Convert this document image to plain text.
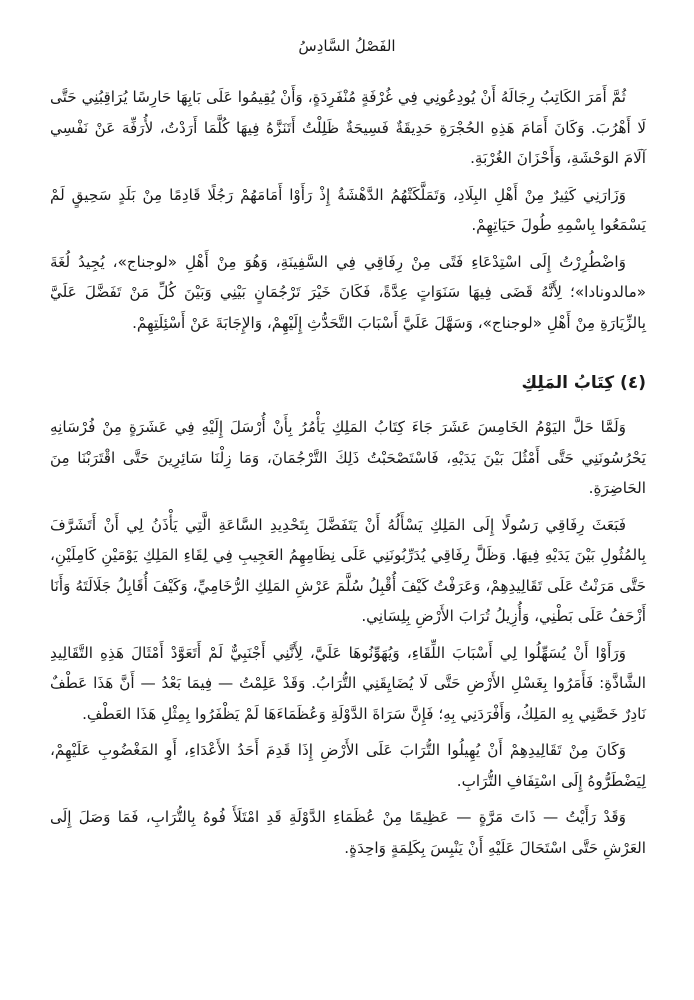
الفَصْلُ السَّادِسُ

ثُمَّ أَمَرَ الكَاتِبُ رِجَالَهُ أَنْ يُودِعُونِي فِي غُرْفَةٍ مُنْفَرِدَةٍ، وَأَنْ يُقِيمُوا عَلَى بَابِهَا حَارِسًا يُرَاقِبُنِي حَتَّى لَا أَهْرُبَ. وَكَانَ أَمَامَ هَذِهِ الحُجْرَةِ حَدِيقَةٌ فَسِيحَةٌ ظَلِلْتُ أَتَنَزَّهُ فِيهَا كُلَّمَا أَرَدْتُ، لأُرَفِّهَ عَنْ نَفْسِي آلَامَ الوَحْشَةِ، وَأَحْزَانَ الغُرْبَةِ.

وَزَارَنِي كَثِيرٌ مِنْ أَهْلِ البِلَادِ، وَتَمَلَّكَتْهُمُ الدَّهْشَةُ إِذْ رَأَوْا أَمَامَهُمْ رَجُلًا قَادِمًا مِنْ بَلَدٍ سَحِيقٍ لَمْ يَسْمَعُوا بِاسْمِهِ طُولَ حَيَاتِهِمْ.

وَاضْطُرِرْتُ إِلَى اسْتِدْعَاءِ فَتًى مِنْ رِفَاقِي فِي السَّفِينَةِ، وَهُوَ مِنْ أَهْلِ «لوجناج»، يُجِيدُ لُغَةَ «مالدونادا»؛ لِأَنَّهُ قَضَى فِيهَا سَنَوَاتٍ عِدَّةً، فَكَانَ خَيْرَ تَرْجُمَانٍ بَيْنِي وَبَيْنَ كُلِّ مَنْ تَفَضَّلَ عَلَيَّ بِالزِّيَارَةِ مِنْ أَهْلِ «لوجناج»، وَسَهَّلَ عَلَيَّ أَسْبَابَ التَّحَدُّثِ إِلَيْهِمْ، وَالإِجَابَةَ عَنْ أَسْئِلَتِهِمْ.

(٤) كِتَابُ المَلِكِ

وَلَمَّا حَلَّ اليَوْمُ الخَامِسَ عَشَرَ جَاءَ كِتَابُ المَلِكِ يَأْمُرُ بِأَنْ أُرْسَلَ إِلَيْهِ فِي عَشَرَةٍ مِنْ فُرْسَانِهِ يَحْرُسُونَنِي حَتَّى أَمْثُلَ بَيْنَ يَدَيْهِ، فَاسْتَصْحَبْتُ ذَلِكَ التَّرْجُمَانَ، وَمَا زِلْنَا سَائِرِينَ حَتَّى اقْتَرَبْنَا مِنَ الحَاضِرَةِ.

فَبَعَثَ رِفَاقِي رَسُولًا إِلَى المَلِكِ يَسْأَلُهُ أَنْ يَتَفَضَّلَ بِتَحْدِيدِ السَّاعَةِ الَّتِي يَأْذَنُ لِي أَنْ أَتَشَرَّفَ بِالمُثُولِ بَيْنَ يَدَيْهِ فِيهَا. وَظَلَّ رِفَاقِي يُدَرِّبُونَنِي عَلَى نِظَامِهِمُ العَجِيبِ فِي لِقَاءِ المَلِكِ يَوْمَيْنِ كَامِلَيْنِ، حَتَّى مَرَنْتُ عَلَى تَقَالِيدِهِمْ، وَعَرَفْتُ كَيْفَ أُقْبِلُ سُلَّمَ عَرْشِ المَلِكِ الرُّخَامِيِّ، وَكَيْفَ أُقَابِلُ جَلَالَتَهُ وَأَنَا أَزْحَفُ عَلَى بَطْنِي، وَأُزِيلُ تُرَابَ الأَرْضِ بِلِسَانِي.

وَرَأَوْا أَنْ يُسَهِّلُوا لِي أَسْبَابَ اللِّقَاءِ، وَيُهَوِّنُوهَا عَلَيَّ، لِأَنَّنِي أَجْنَبِيٌّ لَمْ أَتَعَوَّدْ أَمْثَالَ هَذِهِ التَّقَالِيدِ الشَّاذَّةِ: فَأَمَرُوا بِغَسْلِ الأَرْضِ حَتَّى لَا يُضَايِقَنِي التُّرَابُ. وَقَدْ عَلِمْتُ — فِيمَا بَعْدُ — أَنَّ هَذَا عَطْفٌ نَادِرٌ خَصَّنِي بِهِ المَلِكُ، وَأَفْرَدَنِي بِهِ؛ فَإِنَّ سَرَاةَ الدَّوْلَةِ وَعُظَمَاءَهَا لَمْ يَظْفَرُوا بِمِثْلِ هَذَا العَطْفِ.

وَكَانَ مِنْ تَقَالِيدِهِمْ أَنْ يُهِيلُوا التُّرَابَ عَلَى الأَرْضِ إِذَا قَدِمَ أَحَدُ الأَعْدَاءِ، أَوِ المَغْضُوبِ عَلَيْهِمْ، لِيَضْطَرُّوهُ إِلَى اسْتِفَافِ التُّرَابِ.

وَقَدْ رَأَيْتُ — ذَاتَ مَرَّةٍ — عَظِيمًا مِنْ عُظَمَاءِ الدَّوْلَةِ قَدِ امْتَلَأَ فُوهُ بِالتُّرَابِ، فَمَا وَصَلَ إِلَى العَرْشِ حَتَّى اسْتَحَالَ عَلَيْهِ أَنْ يَنْبِسَ بِكَلِمَةٍ وَاحِدَةٍ.
